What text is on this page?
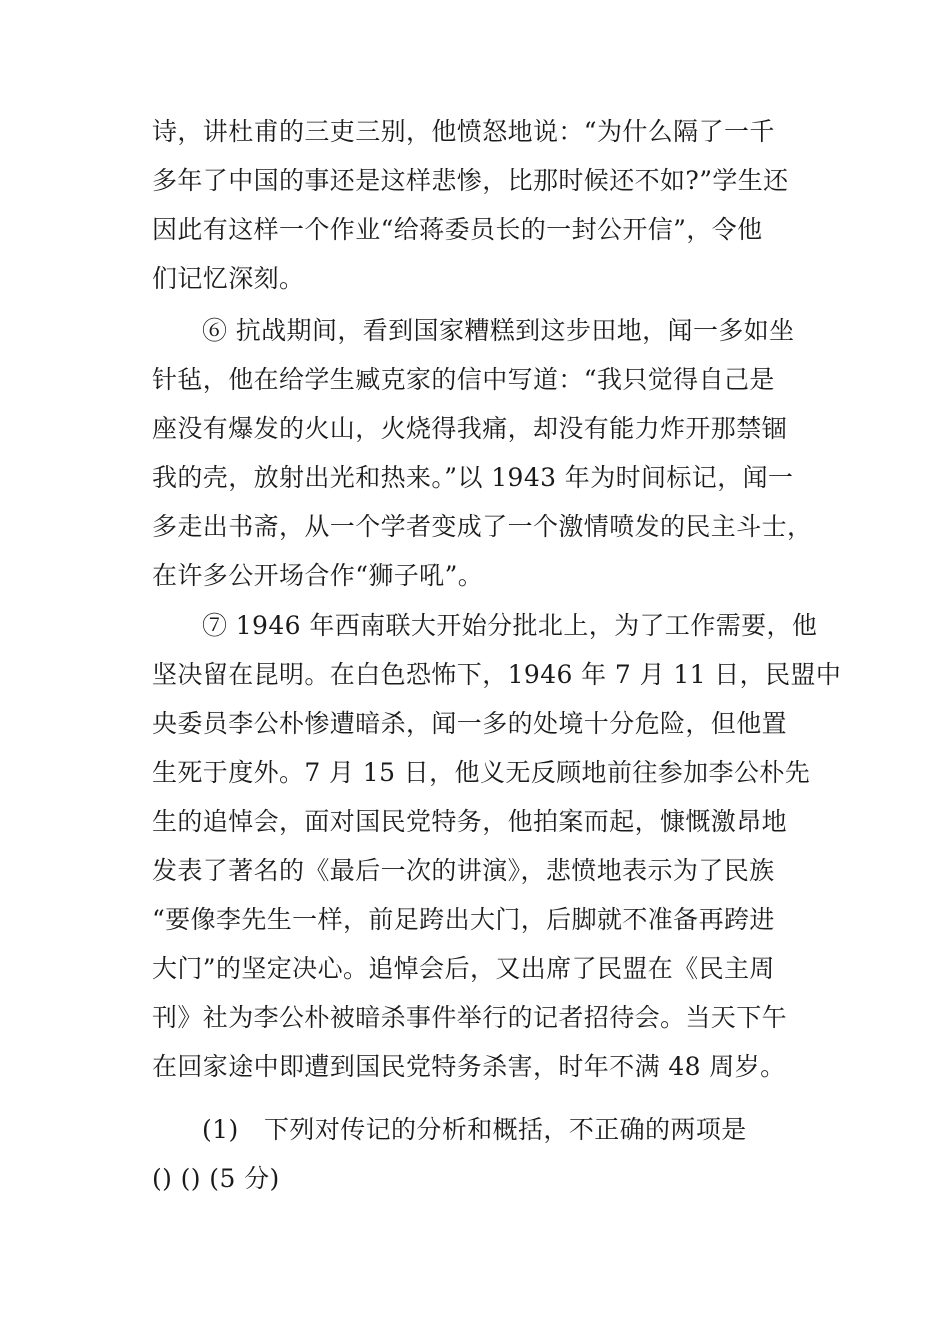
诗，讲杜甫的三吏三别，他愤怒地说：“为什么隔了一千
多年了中国的事还是这样悲惨，比那时候还不如?”学生还
因此有这样一个作业“给蒋委员长的一封公开信”，令他
们记忆深刻。
⑥ 抗战期间，看到国家糟糕到这步田地，闻一多如坐
针毡，他在给学生臧克家的信中写道：“我只觉得自己是
座没有爆发的火山，火烧得我痛，却没有能力炸开那禁锢
我的壳，放射出光和热来。”以 1943 年为时间标记，闻一
多走出书斋，从一个学者变成了一个激情喷发的民主斗士，
在许多公开场合作“狮子吼”。
⑦ 1946 年西南联大开始分批北上，为了工作需要，他
坚决留在昆明。在白色恐怖下，1946 年 7 月 11 日，民盟中
央委员李公朴惨遭暗杀，闻一多的处境十分危险，但他置
生死于度外。7 月 15 日，他义无反顾地前往参加李公朴先
生的追悼会，面对国民党特务，他拍案而起，慷慨激昂地
发表了著名的《最后一次的讲演》，悲愤地表示为了民族
“要像李先生一样，前足跨出大门，后脚就不准备再跨进
大门”的坚定决心。追悼会后，又出席了民盟在《民主周
刊》社为李公朴被暗杀事件举行的记者招待会。当天下午
在回家途中即遭到国民党特务杀害，时年不满 48 周岁。
(1)　下列对传记的分析和概括，不正确的两项是
() () (5 分)
